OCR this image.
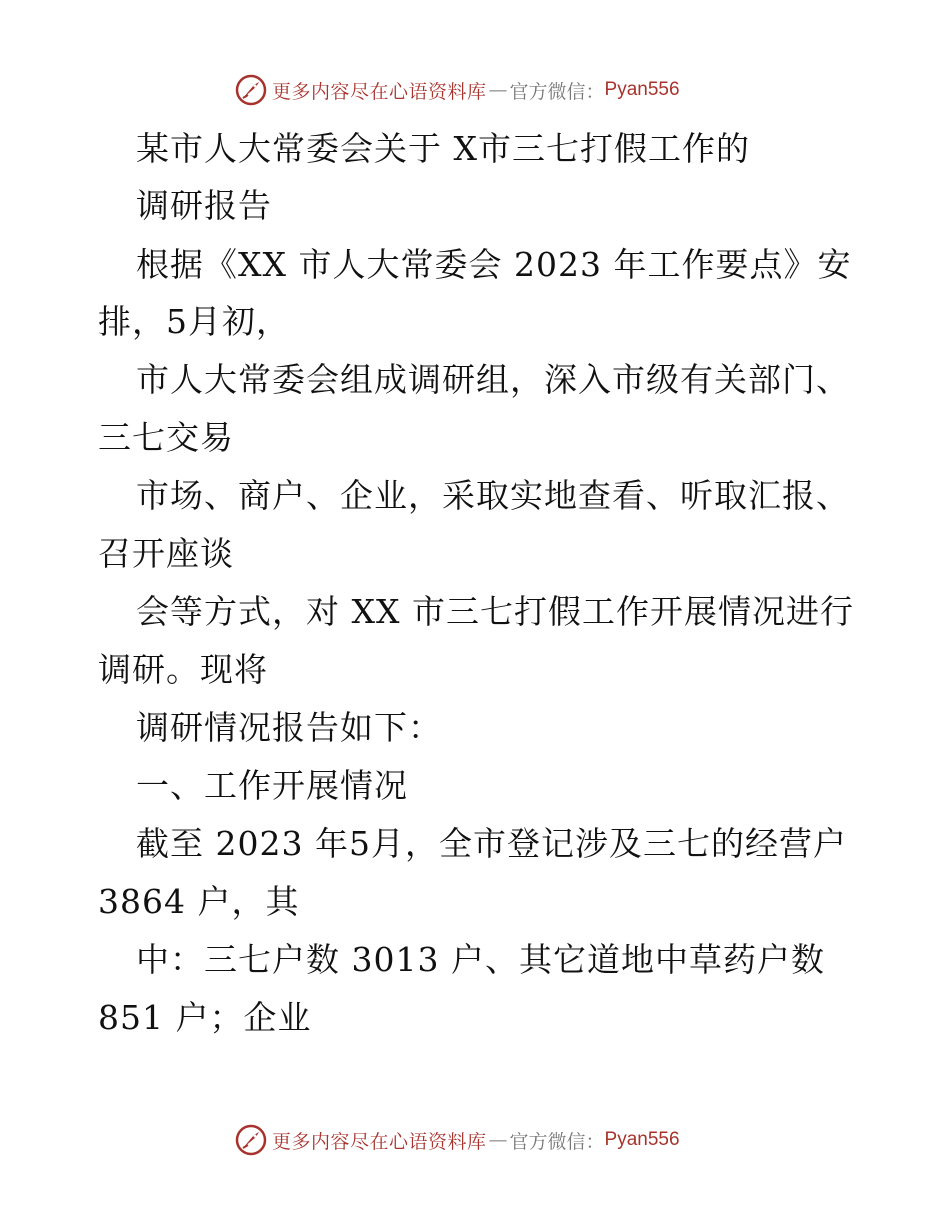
更多内容尽在心语资料库 — 官方微信： Pyan556
某市人大常委会关于 X市三七打假工作的
调研报告
根据《XX 市人大常委会 2023 年工作要点》安
排，5月初，
市人大常委会组成调研组，深入市级有关部门、
三七交易
市场、商户、企业，采取实地查看、听取汇报、
召开座谈
会等方式，对 XX 市三七打假工作开展情况进行
调研。现将
调研情况报告如下：
一、工作开展情况
截至 2023 年5月，全市登记涉及三七的经营户
3864 户，其
中：三七户数 3013 户、其它道地中草药户数
851 户；企业
更多内容尽在心语资料库 — 官方微信： Pyan556
